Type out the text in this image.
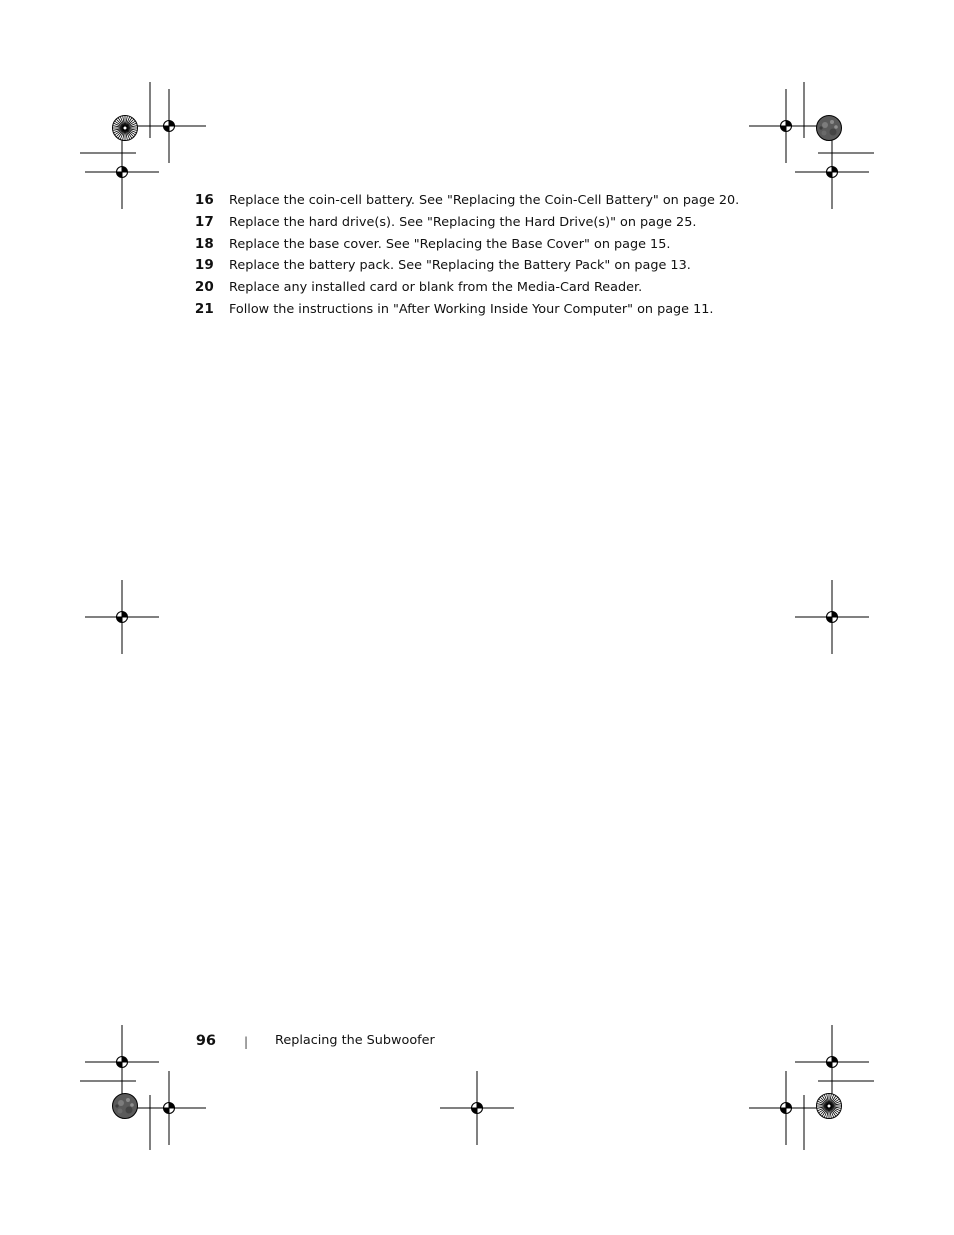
16 Replace the coin-cell battery. See "Replacing the Coin-Cell Battery" on page 20.
17 Replace the hard drive(s). See "Replacing the Hard Drive(s)" on page 25.
18 Replace the base cover. See "Replacing the Base Cover" on page 15.
19 Replace the battery pack. See "Replacing the Battery Pack" on page 13.
20 Replace any installed card or blank from the Media-Card Reader.
21 Follow the instructions in "After Working Inside Your Computer" on page 11.
96 | Replacing the Subwoofer
